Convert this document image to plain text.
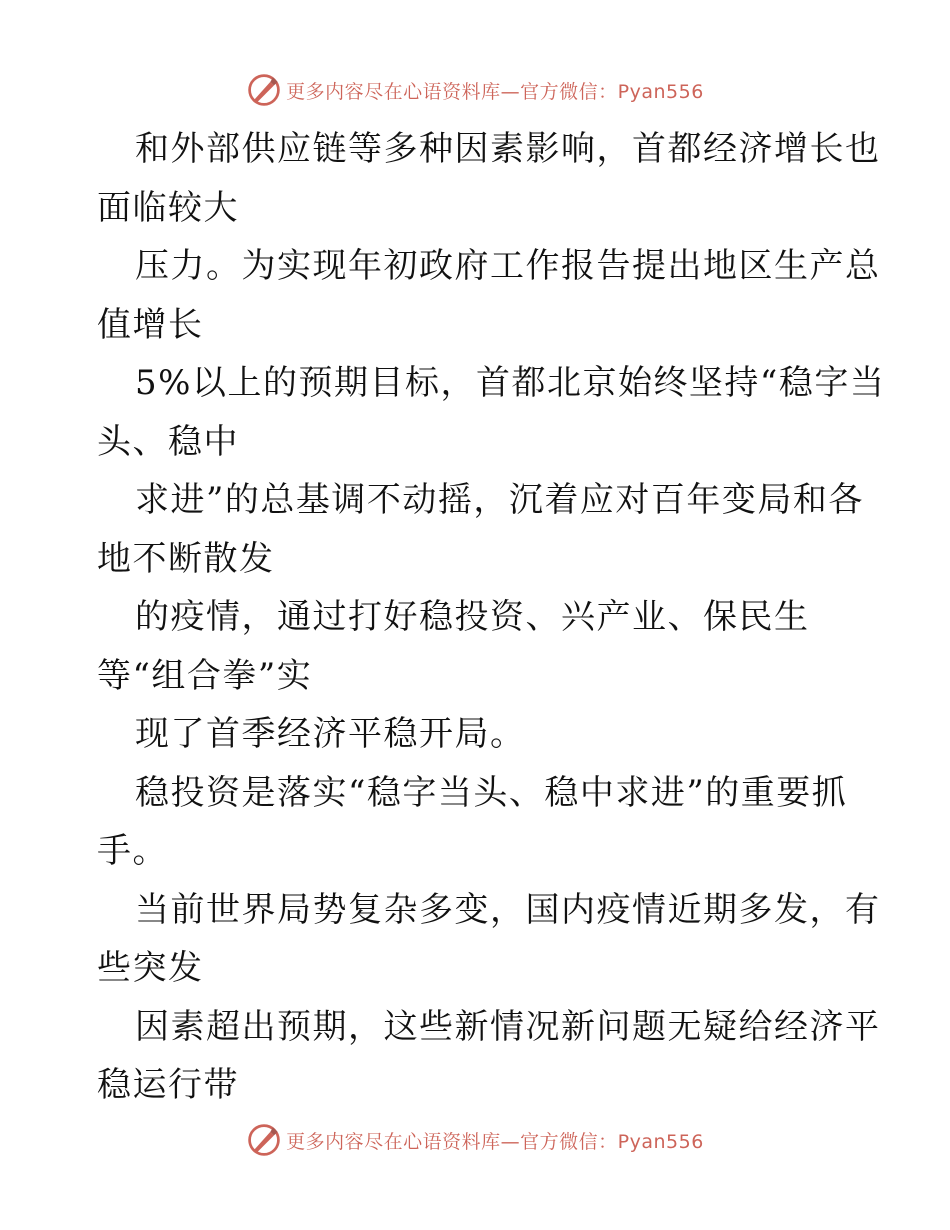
更多内容尽在心语资料库—官方微信：Pyan556

和外部供应链等多种因素影响，首都经济增长也
面临较大

压力。为实现年初政府工作报告提出地区生产总
值增长

5%以上的预期目标，首都北京始终坚持“稳字当
头、稳中

求进”的总基调不动摇，沉着应对百年变局和各
地不断散发

的疫情，通过打好稳投资、兴产业、保民生
等“组合拳”实

现了首季经济平稳开局。

稳投资是落实“稳字当头、稳中求进”的重要抓
手。

当前世界局势复杂多变，国内疫情近期多发，有
些突发

因素超出预期，这些新情况新问题无疑给经济平
稳运行带

更多内容尽在心语资料库—官方微信：Pyan556
